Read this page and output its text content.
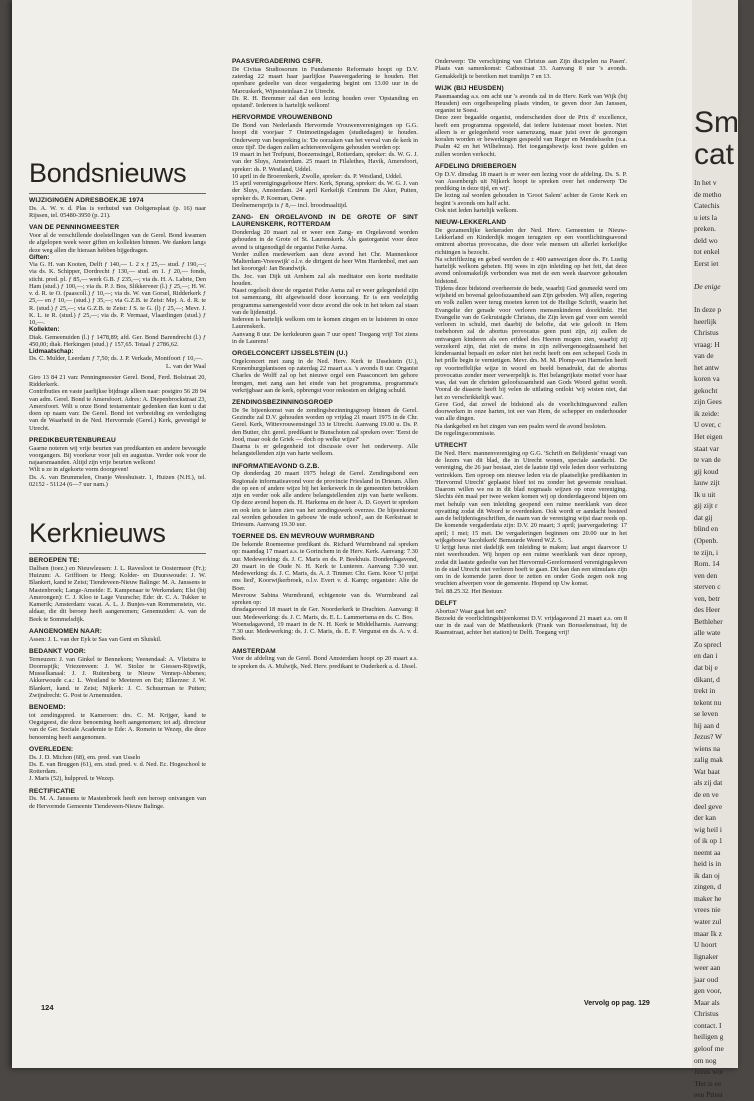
Bondsnieuws
WIJZIGINGEN ADRESBOEKJE 1974

Ds. A. W. v. d. Plas is verhuisd van Ooltgensplaat (p. 16) naar Rijssen, tel. 05480-3950 (p. 21).

VAN DE PENNINGMEESTER

Voor al de verschillende doelstellingen van de Gerel. Bond kwamen de afgelopen week weer giften en kollekten binnen. We danken langs deze weg allen die hieraan hebben bijgedragen.

Giften:

Via G. H. van Kooten, Delft ƒ 140,— 1. 2 x ƒ 25,— stud. ƒ 190,—; via ds. K. Schipper, Dordrecht ƒ 130,— stud. en 1. ƒ 20,— fonds, sticht. pred. pl. ƒ 85,— werk G.B. ƒ 235,—; via ds. H. A. Labrie, Den Ham (stud.) ƒ 100,—; via ds. P. J. Bos, Slikkerveer (l.) ƒ 25,—; H. W. v. d. R. te O. (paascoll.) ƒ 10,—; via ds. W. van Gorsel, Ridderkerk ƒ 25,— en ƒ 10,— (stud.) ƒ 35,—; via G.Z.B. te Zeist: Mej. A. d. R. te R. (stud.) ƒ 25,—; via G.Z.B. te Zeist: J S. te G. (l) ƒ 25,—; Mevr. J. K. L. te R. (stud.) ƒ 25,—; via ds. P. Vermaat, Vlaardingen (stud.) ƒ 10,—.

Kollekten:

Diak. Gemeenuiden (l.) ƒ 1478,89; afd. Ger. Bond Barendrecht (l.) ƒ 450,00; diak. Herkingen (stud.) ƒ 157,65. Totaal ƒ 2786,62.

Lidmaatschap:

Ds. C. Mulder, Leerdam ƒ 7,50; ds. J. P. Verkade, Montfoort ƒ 10,—.

L. van der Waal

Giro 13 84 21 van: Penningmeester Gerel. Bond, Ferd. Bolstraat 20, Ridderkerk.

Contributies en vaste jaarlijkse bijdrage alleen naar: postgiro 56 28 94 van adm. Gerel. Bond te Amersfoort. Adres: A. Diepenbrockstraat 23, Amersfoort. Wilt u onze Bond testamentair gedenken dan kunt u dat doen op naam van: De Gerel. Bond tot verbreiding en verdediging van de Waarheid in de Ned. Hervormde (Gerel.) Kerk, gevestigd te Utrecht.

PREDIKBEURTENBUREAU

Gaarne noteren wij vrije beurten van predikanten en andere bevoegde voorgangers. Bij voorkeur voor juli en augustus. Verder ook voor de najaarsmaanden. Altijd zijn vrije beurten welkom!

Wilt u ze in afgekorte vorm doorgeven!

Ds. A. van Brummelen, Oranje Weeshuisstr. 1, Huizen (N.H.), tel. 02152 - 51124 (6—7 uur nam.)

Kerknieuws
BEROEPEN TE:

Dalfsen (toez.) en Nieuwleusen: J. L. Ravesloot te Oostermeer (Fr.); Huizum: A. Griffioen te Heeg; Kolder- en Duurswoude: J. W. Blankert, kand te Zeist; Tiendeveen-Nieuw Balinge: M. A. Janssens te Mastenbroek; Lange-Ameide: E. Kampenaar te Werkendam; Elst (bij Amerongen): C. J. Kloo te Lage Vuursche; Ede: dr. C. A. Tukker te Kamerik; Amsterdam: vacat. A. L. J. Bunjes-van Rommenstein, vic. aldaar, die dit beroep heeft aangenomen; Genemuiden: A. van de Beek te Sommelsdijk.

AANGENOMEN NAAR:

Assen: J. L. van der Eyk te Sas van Gent en Sluiskil.

BEDANKT VOOR:

Terneuzen: J. van Ginkel te Bennekom; Veenendaal: A. Vlietstra te Doornspijk; Vriezenveen: J. W. Stolze te Giessen-Rijswijk, Musselkanaal: J. J. Ruitenberg te Nieuw Vennep-Abbenes; Akkerwoude c.a.: L. Westland te Meeteren en Est; Elkerzee: J. W. Blankert, kand. te Zeist; Nijkerk: J. C. Schuurman te Putten; Zwijndrecht: G. Post te Arnemuiden.

BENOEMD:

tot zendingspred. te Kameroen: drs. C. M. Krijger, kand te Oegstgeest, die deze benoeming heeft aangenomen; tot adj. directeur van de Ger. Sociale Academie te Ede: A. Romein te Wezep, die deze benoeming heeft aangenomen.

OVERLEDEN:

Ds. J. D. Michon (68), em. pred. van Usselo

Ds. E. van Bruggen (61), em. stud. pred. v. d. Ned. Ec. Hogeschool te Rotterdam.

J. Maris (52), hulppred. te Wezep.

RECTIFICATIE

Ds. M. A. Janssens te Mastenbroek heeft een beroep ontvangen van de Hervormde Gemeente Tiendeveen-Nieuw Balinge.

PAASVERGADERING CSFR.

De Civitas Studiosorum in Fundamento Reformato hoopt op D.V. zaterdag 22 maart haar jaarlijkse Paasvergadering te houden. Het openbare gedeelte van deze vergadering begint om 13.00 uur in de Marcuskerk, Wijnesteinlaan 2 te Utrecht.

Dr. R. H. Bremmer zal dan een lezing houden over 'Opstanding en opstand'. Iedereen is hartelijk welkom!

HERVORMDE VROUWENBOND

De Bond van Nederlands Hervormde Vrouwenverenigingen op G.G. hoopt dit voorjaar 7 Ontmoetingsdagen (studiedagen) te houden. Onderwerp van bespreking is: 'De oorzaken van het verval van de kerk in onze tijd'. De dagen zullen achtereenvolgens gehouden worden op:

19 maart in het Trefpunt, Boezemsingel, Rotterdam, spreker: ds. W. G. J. van der Sluys, Amsterdam. 25 maart in Filalethes, Havik, Amersfoort, spreker: ds. P. Westland, Uddel.

10 april in de Broerenkerk, Zwolle, spreker: ds. P. Westland, Uddel.

15 april verenigingsgebouw Herv. Kerk, Sprang, spreker: ds. W. G. J. van der Sluys, Amsterdam. 24 april Kerkelijk Centrum De Aker, Putten, spreker ds. P. Koeman, Oene.

Deelnemersprijs is ƒ 8,— incl. broodmaaltijd.

ZANG- EN ORGELAVOND IN DE GROTE OF SINT LAURENSKERK, ROTTERDAM

Donderdag 20 maart zal er weer een Zang- en Orgelavond worden gehouden in de Grote of St. Laurenskerk. Als gastorganist voor deze avond is uitgenodigd de organist Feike Asma.

Verder zullen medewerken aan deze avond het Chr. Mannenkoor 'Malterdam-Vreeswijk' o.l.v. de dirigent de heer Wim Hardenbol, met aan het koororgel: Jan Brandwijk.

Ds. Joc. van Dijk uit Arnhem zal als meditator een korte meditatie houden.

Naast orgelsoli door de organist Feike Asma zal er weer gelegenheid zijn tot samenzang, dit afgewisseld door koorzang. Er is een veelzijdig programma samengesteld voor deze avond die ook in het teken zal staan van de lijdenstijd.

Iedereen is hartelijk welkom om te komen zingen en te luisteren in onze Laurenskerk.

Aanvang 8 uur. De kerkdeuren gaan 7 uur open! Toegang vrij! Tot ziens in de Laurens!

ORGELCONCERT IJSSELSTEIN (U.)

Orgelconcert met zang in de Ned. Herv. Kerk te IJsselstein (U.), Kronenburgplantsoen op zaterdag 22 maart a.s. 's avonds 8 uur. Organist Charles de Wolff zal op het nieuwe orgel een Paasconcert ten gehore brengen, met zang aan het einde van het programma, programma's verkrijgbaar aan de kerk, opbrengst voor onkosten en delging schuld.

ZENDINGSBEZINNINGSGROEP

De 9e bijeenkomst van de zendingsbezinningsgroep binnen de Gerel. Gezindte zal D.V. gehouden worden op vrijdag 21 maart 1975 in de Chr. Gerel. Kerk, Wittevrouwensingel 33 te Utrecht. Aanvang 19.00 u. Ds. P. den Butter, chr. gerel. predikant te Bunschoten zal spreken over: 'Eerst de Jood, maar ook de Griek — doch op welke wijze?'

Daarna is er gelegenheid tot discussie over het onderwerp. Alle belangstellenden zijn van harte welkom.

INFORMATIEAVOND G.Z.B.

Op donderdag 20 maart 1975 belegt de Gerel. Zendingsbond een Regionale informatieavond voor de provincie Friesland in Drieum. Allen die op een of andere wijze bij het kerkewerk in de gemeenten betrokken zijn en verder ook alle andere belangstellenden zijn van harte welkom. Op deze avond hopen ds. H. Harkema en de heer A. D. Goyert te spreken en ook iets te laten zien van het zendingswerk overzee. De bijeenkomst zal worden gehouden in gebouw 'de oude school', aan de Kerkstraat te Driesum. Aanvang 19.30 uur.

TOERNEE DS. EN MEVROUW WURMBRAND

De bekende Roemeense predikant ds. Richard Wurmbrand zal spreken op: maandag 17 maart a.s. te Gorinchem in de Herv. Kerk. Aanvang: 7.30 uur. Medewerking: ds. J. C. Maris en ds. P. Beekhuis. Donderdagavond, 20 maart in de Oude N. H. Kerk te Lunteren. Aanvang 7.30 uur. Medewerking: ds. J. C. Maris, ds. A. J. Timmer. Chr. Gem. Koor 'U prijst ons lied', Koorwijkerbroek, o.l.v. Evert v. d. Kamp; organiste: Alie de Boer.

Mevrouw Sabina Wurmbrand, echtgenote van ds. Wurmbrand zal spreken op:

dinsdagavond 18 maart in de Ger. Noorderkerk te Drachten. Aanvang: 8 uur. Medewerking: ds. J. C. Maris, ds. E. L. Lammertsma en ds. C. Bos.

Woensdagavond, 19 maart in de N. H. Kerk te Middelharnis. Aanvang: 7.30 uur. Medewerking: ds. J. C. Maris, ds. E. F. Vergunst en ds. A. v. d. Beek.

AMSTERDAM

Voor de afdeling van de Gerel. Bond Amsterdam hoopt op 20 maart a.s. te spreken ds. A. Mulwijk, Ned. Herv. predikant te Ouderkerk a. d. IJssel.

Onderwerp: 'De verschijning van Christus aan Zijn discipelen na Pasen'. Plaats van samenkomst: Catbostraat 33. Aanvang 8 uur 's avonds. Gemakkelijk te bereiken met tramlijn 7 en 13.

WIJK (BIJ HEUSDEN)

Paasmaandag a.s. om acht uur 's avonds zal in de Herv. Kerk van Wijk (bij Heusden) een orgelbespeling plaats vinden, te geven door Jan Janssen, organist te Soest.

Deze zeer begaafde organist, onderscheiden door de Prix d' excellence, heeft een programma opgesteld, dat iedere luisteraar moet boeien. Niet alleen is er gelegenheid voor samenzang, maar juist over de gezongen koralen worden er bewerkingen gespeeld van Reger en Mendelssohn (o.a. Psalm 42 en het Wilhelmus). Het toegangsbewijs kost twee gulden en zullen worden verkocht.

AFDELING DRIEBERGEN

Op D.V. dinsdag 18 maart is er weer een lezing voor de afdeling. Ds. S. P. van Assenbergh uit Nijkerk hoopt te spreken over het onderwerp 'De prediking in deze tijd, en wij'.

De lezing zal worden gehouden in 'Groot Salem' achter de Grote Kerk en begint 's avonds om half acht.

Ook niet leden hartelijk welkom.

NIEUW-LEKKERLAND

De gezamenlijke kerkeraden der Ned. Herv. Gemeenten te Nieuw-Lekkerland en Kinderdijk mogen terugzien op een voortlichtingsavond omtrent abortus provocatus, die door vele mensen uit allerlei kerkelijke richtingen is bezocht.

Na schriftlezing en gebed werden de ± 400 aanwezigen door ds. Fr. Lustig hartelijk welkom geheten. Hij wees in zijn inleiding op het feit, dat deze avond onlosmakelijk verbonden was met de een week daarvoor gehouden bidstond.

Tijdens deze bidstond overheerste de bede, waarbij God gesmeekt werd om wijsheid en bovenal geloofszaamheid aan Zijn geboden. Wij allen, regering en volk zullen weer terug moeten keren tot de Heilige Schrift, waarin het Evangelie der genade voor verloren mensenkinderen doorklinkt. Het Evangelie van de Gekruisigde Christus, die Zijn leven gaf voor een wereld verloren in schuld, met daarbij de belofte, dat wie gelooft in Hem toebehoren zal de abortus provocatus geen punt zijn, zij zullen de ontvangen kinderen als een erfdeel des Heeren mogen zien, waarbij zij verzekerd zijn, dat niet de mens in zijn zelfvergenoegdzaamheid het kinderaantal bepaalt en zeker niet het recht heeft om een schepsel Gods in het prille begin te vernietigen. Mevr. drs. M. M. Plomp-van Harmelen heeft op voortreffelijke wijze in woord en beeld benadrukt, dat de abortus provocatus zonder meer verwerpelijk is. Het belangrijkste motief voor haar was, dat van de christen geloofszaamheid aan Gods Woord geëist wordt. Vooral de diaserie heeft bij velen de uitlating ontlokt 'wij wisten niet, dat het zo verschrikkelijk was'.

Geve God, dat zowel de bidstond als de voorlichtingsavond zullen doorwerken in onze harten, tot eer van Hem, de schepper en onderhouder van alle dingen.

Na dankgebed en het zingen van een psalm werd de avond besloten.

De regelingscommissie.

UTRECHT

De Ned. Herv. mannenvereniging op G.G. 'Schrift en Belijdenis' vraagt van de lezers van dit blad, die in Utrecht wonen, speciale aandacht. De vereniging, die 26 jaar bestaat, ziet de laatste tijd vele leden door verhuizing vertrekken. Een oproep om nieuwe leden via de plaatselijke predikanten in 'Hervormd Utrecht' geplaatst bleef tot nu zonder het gewenste resultaat. Daarom willen we nu in dit blad nogmaals wijzen op onze vereniging. Slechts één maal per twee weken komen wij op donderdagavond bijeen om met behulp van een inleiding geopend een ruime neerklank van deze opvatting zodat dit Woord te overdenken. Ook wordt er aandacht besteed aan de belijdenisgeschriften, de naam van de vereniging wijst daar reeds op.

De komende vergaderdata zijn: D.V. 20 maart; 3 april; jaarvergadering: 17 april; 1 mei; 15 mei. De vergaderingen beginnen om 20.00 uur in het wijkgebouw 'Jacobikerk' Bemuurde Weerd W.Z. 5.

U krijgt heus niet dadelijk een inleiding te maken; laat angst daarvoor U niet weerhouden. Wij hopen op een ruime weerklank van deze oproep, zodat dit laatste gedeelte van het Hervormd-Gereformeerd verenigingsleven in de stad Utrecht niet verloren hoeft te gaan. Dit kan dan een stimulans zijn om in de komende jaren door te zetten en onder Gods zegen ook nog vruchten afwerpen voor de gemeente. Hopend op Uw komst.

Tel. 88.25.32. Het Bestuur.

DELFT

Abortus? Waar gaat het om?

Bezoekt de voorlichtingsbijeenkomst D.V. vrijdagavond 21 maart a.s. om 8 uur in de zaal van de Mattheuskerk (Frank van Borsselenstraat, bij de Raamstraat, achter het station) te Delft. Toegang vrij!

124	Vervolg op pag. 129
Sm
cat
In het v
de metho
Catechis
u iets la
preken.
deld wo
tot enkel
Eerst iet
De enige
In deze p
heerlijk
Christus
vraag: H
van de
het antw
koren va
gekocht
zijn Gees
ik zeide:
U over, c
Het eigen
staat var
te van de
gij koud
lauw zijt
Ik u uit
gij zijt r
dat gij
blind en
(Openb.
te zijn, i
Rom. 14
ven den
sterven c
ven, betr
des Heer
Bethleher
alle wate
Zo sprecl
en dan i
dat bij e
dikant, d
trekt in
tekent nu
se leven
hij aan d
Jezus? W
wiens na
zalig mak
Wat baat
als zij dat
de en ve
deel geve
der kan
wig heil i
of ik op 1
neemt aa
heid is in
ik dan oj
zingen, d
maker he
vrees nie
water zul
maar Ik z
U hoort
lignaker
weer aan
jaar oud
gen voor,
Maar als
Christus
contact. I
heiligen g
geloof me
om nog
Jezus wor
'Het is ee
een Priest
